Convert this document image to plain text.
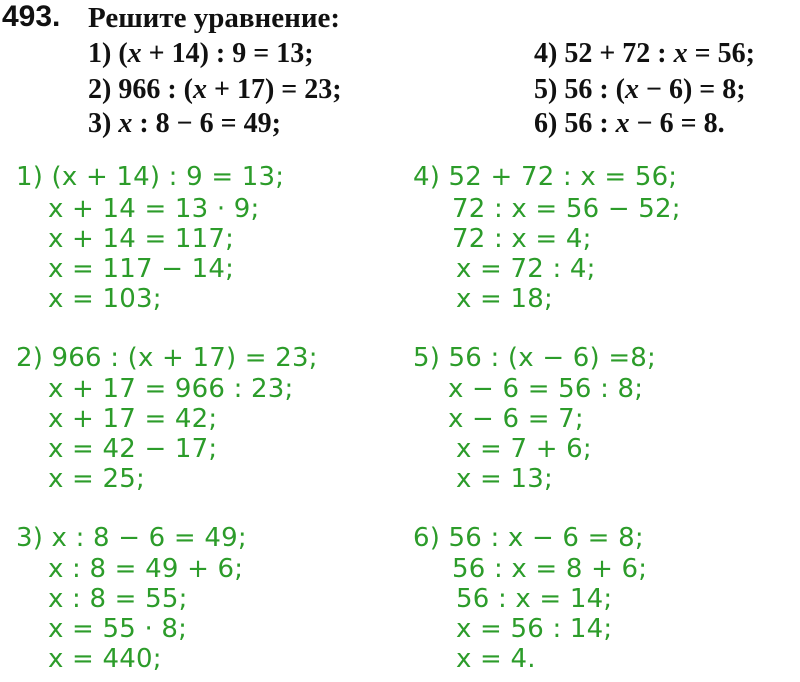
493. Решите уравнение:
1) (x + 14) : 9 = 13;
2) 966 : (x + 17) = 23;
3) x : 8 − 6 = 49;
4) 52 + 72 : x = 56;
5) 56 : (x − 6) = 8;
6) 56 : x − 6 = 8.
1) (x + 14) : 9 = 13;
x + 14 = 13 · 9;
x + 14 = 117;
x = 117 − 14;
x = 103;
4) 52 + 72 : x = 56;
72 : x = 56 − 52;
72 : x = 4;
x = 72 : 4;
x = 18;
2) 966 : (x + 17) = 23;
x + 17 = 966 : 23;
x + 17 = 42;
x = 42 − 17;
x = 25;
5) 56 : (x − 6) =8;
x − 6 = 56 : 8;
x − 6 = 7;
x = 7 + 6;
x = 13;
3) x : 8 − 6 = 49;
x : 8 = 49 + 6;
x : 8 = 55;
x = 55 · 8;
x = 440;
6) 56 : x − 6 = 8;
56 : x = 8 + 6;
56 : x = 14;
x = 56 : 14;
x = 4.
